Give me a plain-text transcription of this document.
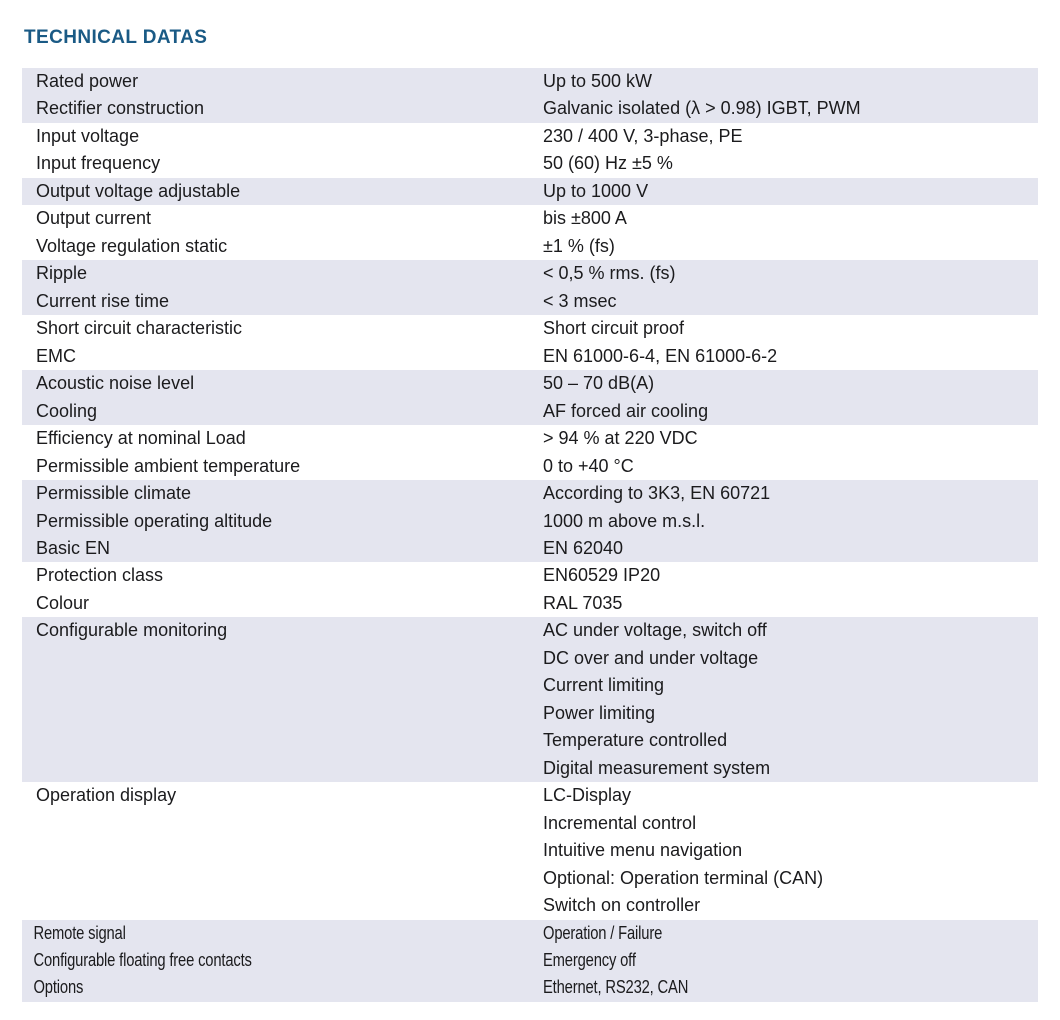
TECHNICAL DATAS
Rated power	Up to 500 kW
Rectifier construction	Galvanic isolated (λ > 0.98) IGBT, PWM
Input voltage	230 / 400 V, 3-phase, PE
Input frequency	50 (60) Hz ±5 %
Output voltage adjustable	Up to 1000 V
Output current	bis ±800 A
Voltage regulation static	±1 % (fs)
Ripple	< 0,5 % rms. (fs)
Current rise time	< 3 msec
Short circuit characteristic	Short circuit proof
EMC	EN 61000-6-4, EN 61000-6-2
Acoustic noise level	50 – 70 dB(A)
Cooling	AF forced air cooling
Efficiency at nominal Load	> 94 % at 220 VDC
Permissible ambient temperature	0 to +40 °C
Permissible climate	According to 3K3, EN 60721
Permissible operating altitude	1000 m above m.s.l.
Basic EN	EN 62040
Protection class	EN60529 IP20
Colour	RAL 7035
Configurable monitoring	AC under voltage, switch off
DC over and under voltage
Current limiting
Power limiting
Temperature controlled
Digital measurement system
Operation display	LC-Display
Incremental control
Intuitive menu navigation
Optional: Operation terminal (CAN)
Switch on controller
Remote signal	Operation / Failure
Configurable floating free contacts	Emergency off
Options	Ethernet, RS232, CAN
